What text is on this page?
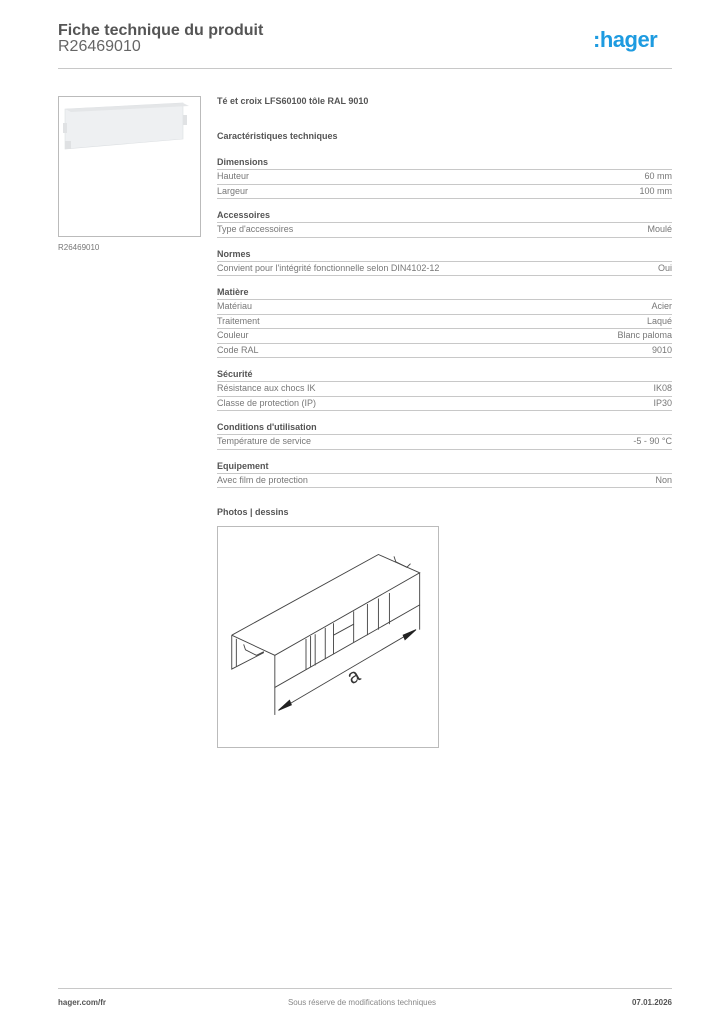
Fiche technique du produit
R26469010	:hager
R26469010
Té et croix LFS60100 tôle RAL 9010
Caractéristiques techniques
Dimensions
Hauteur	60 mm
Largeur	100 mm
Accessoires
Type d'accessoires	Moulé
Normes
Convient pour l'intégrité fonctionnelle selon DIN4102-12	Oui
Matière
Matériau	Acier
Traitement	Laqué
Couleur	Blanc paloma
Code RAL	9010
Sécurité
Résistance aux chocs IK	IK08
Classe de protection (IP)	IP30
Conditions d'utilisation
Température de service	-5 - 90 °C
Equipement
Avec film de protection	Non
Photos | dessins
a
hager.com/fr	Sous réserve de modifications techniques	07.01.2026
